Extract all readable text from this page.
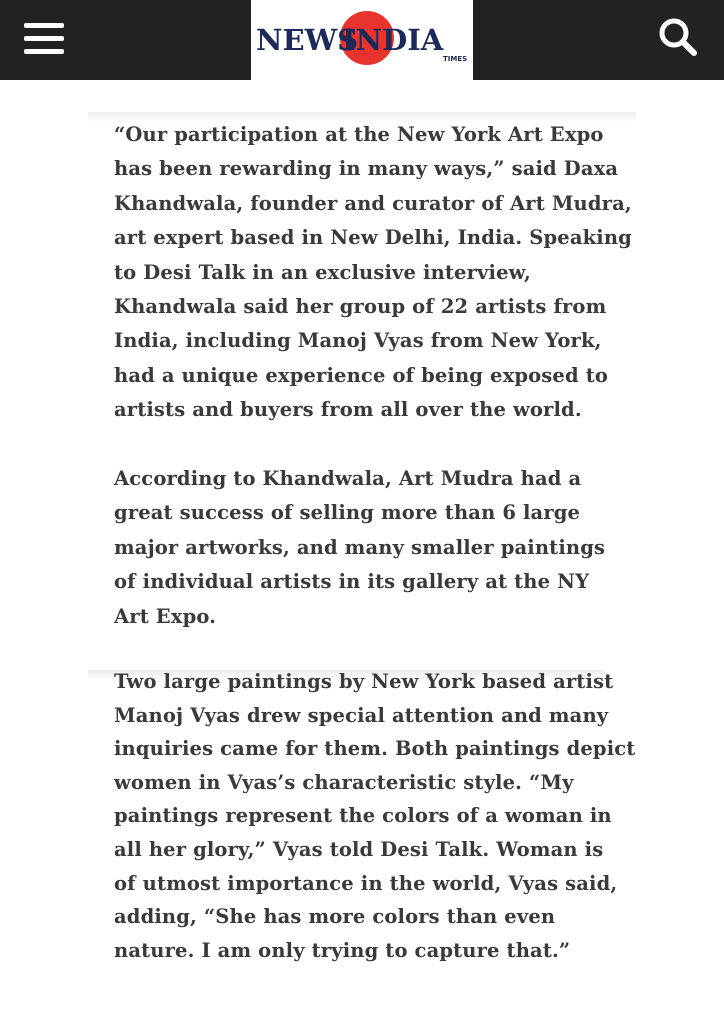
NEWS
INDIA
TIMES

“Our participation at the New York Art Expo
has been rewarding in many ways,” said Daxa
Khandwala, founder and curator of Art Mudra,
art expert based in New Delhi, India. Speaking
to Desi Talk in an exclusive interview,
Khandwala said her group of 22 artists from
India, including Manoj Vyas from New York,
had a unique experience of being exposed to
artists and buyers from all over the world.

According to Khandwala, Art Mudra had a
great success of selling more than 6 large
major artworks, and many smaller paintings
of individual artists in its gallery at the NY
Art Expo.

Two large paintings by New York based artist
Manoj Vyas drew special attention and many
inquiries came for them. Both paintings depict
women in Vyas’s characteristic style. “My
paintings represent the colors of a woman in
all her glory,” Vyas told Desi Talk. Woman is
of utmost importance in the world, Vyas said,
adding, “She has more colors than even
nature. I am only trying to capture that.”
